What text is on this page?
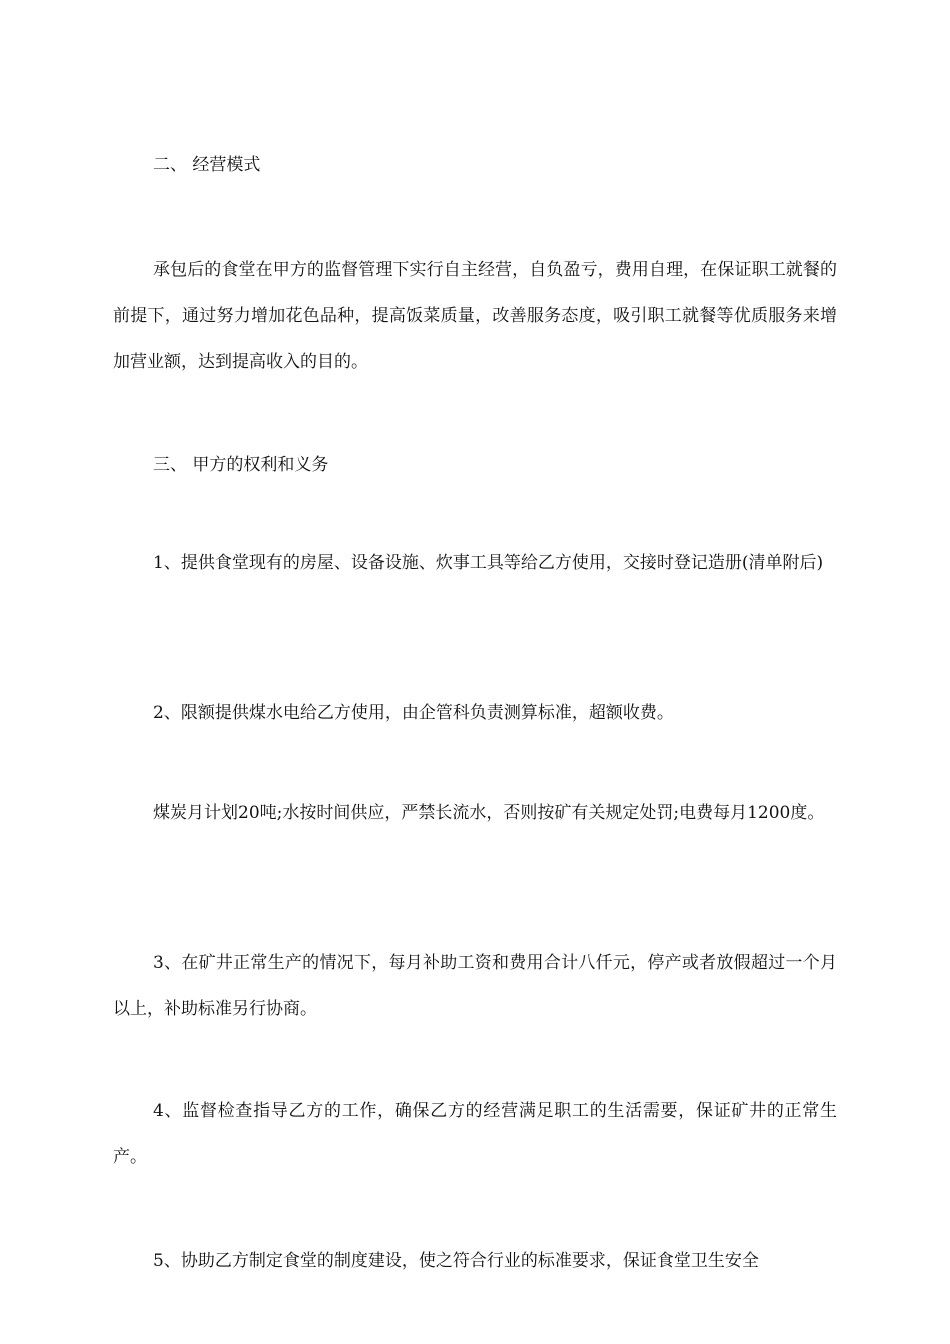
二、 经营模式

承包后的食堂在甲方的监督管理下实行自主经营，自负盈亏，费用自理，在保证职工就餐的前提下，通过努力增加花色品种，提高饭菜质量，改善服务态度，吸引职工就餐等优质服务来增加营业额，达到提高收入的目的。

三、 甲方的权利和义务

1、提供食堂现有的房屋、设备设施、炊事工具等给乙方使用，交接时登记造册(清单附后)

2、限额提供煤水电给乙方使用，由企管科负责测算标准，超额收费。

煤炭月计划20吨;水按时间供应，严禁长流水，否则按矿有关规定处罚;电费每月1200度。

3、在矿井正常生产的情况下，每月补助工资和费用合计八仟元，停产或者放假超过一个月以上，补助标准另行协商。

4、监督检查指导乙方的工作，确保乙方的经营满足职工的生活需要，保证矿井的正常生产。

5、协助乙方制定食堂的制度建设，使之符合行业的标准要求，保证食堂卫生安全
